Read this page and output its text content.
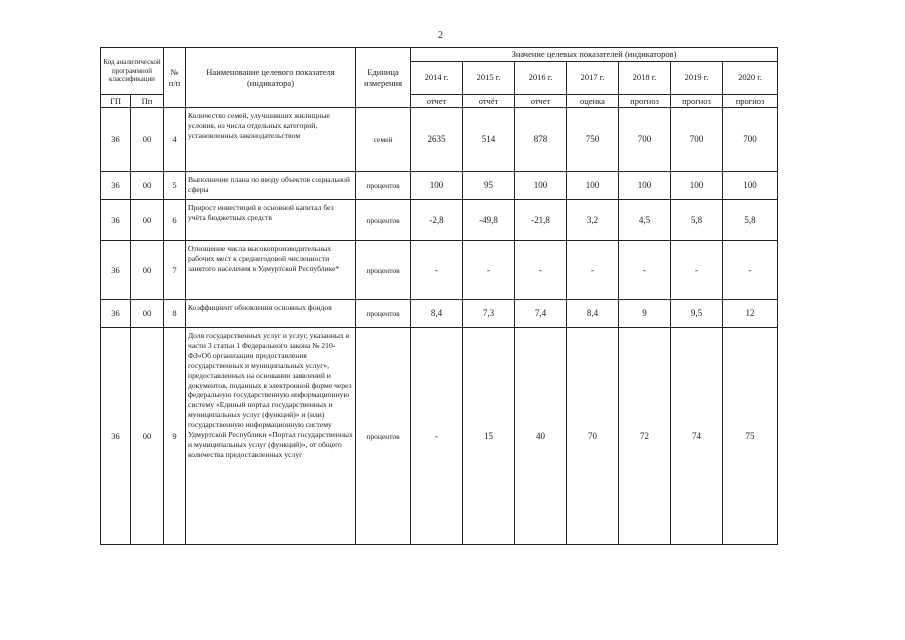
2
Код аналитической программной классификации		№ п/п	Наименование целевого показателя (индикатора)	Единица измерения	Значение целевых показателей (индикаторов)						
					2014 г.	2015 г.	2016 г.	2017 г.	2018 г.	2019 г.	2020 г.
ГП	Пп				отчет	отчёт	отчет	оценка	прогноз	прогноз	прогноз
36	00	4	Количество семей, улучшивших жилищные условия, из числа отдельных категорий, установленных законодательством	семей	2635	514	878	750	700	700	700
36	00	5	Выполнение плана по вводу объектов социальной сферы	процентов	100	95	100	100	100	100	100
36	00	6	Прирост инвестиций в основной капитал без учёта бюджетных средств	процентов	-2,8	-49,8	-21,8	3,2	4,5	5,8	5,8
36	00	7	Отношение числа высокопроизводительных рабочих мест к среднегодовой численности занятого населения в Удмуртской Республике*	процентов	-	-	-	-	-	-	-
36	00	8	Коэффициент обновления основных фондов	процентов	8,4	7,3	7,4	8,4	9	9,5	12
36	00	9	Доля государственных услуг и услуг, указанных в части 3 статьи 1 Федерального закона № 210-ФЗ«Об организации предоставления государственных и муниципальных услуг», предоставленных на основании заявлений и документов, поданных в электронной форме через федеральную государственную информационную систему «Единый портал государственных и муниципальных услуг (функций)» и (или) государственную информационную систему Удмуртской Республики «Портал государственных и муниципальных услуг (функций)», от общего количества предоставленных услуг	процентов	-	15	40	70	72	74	75
